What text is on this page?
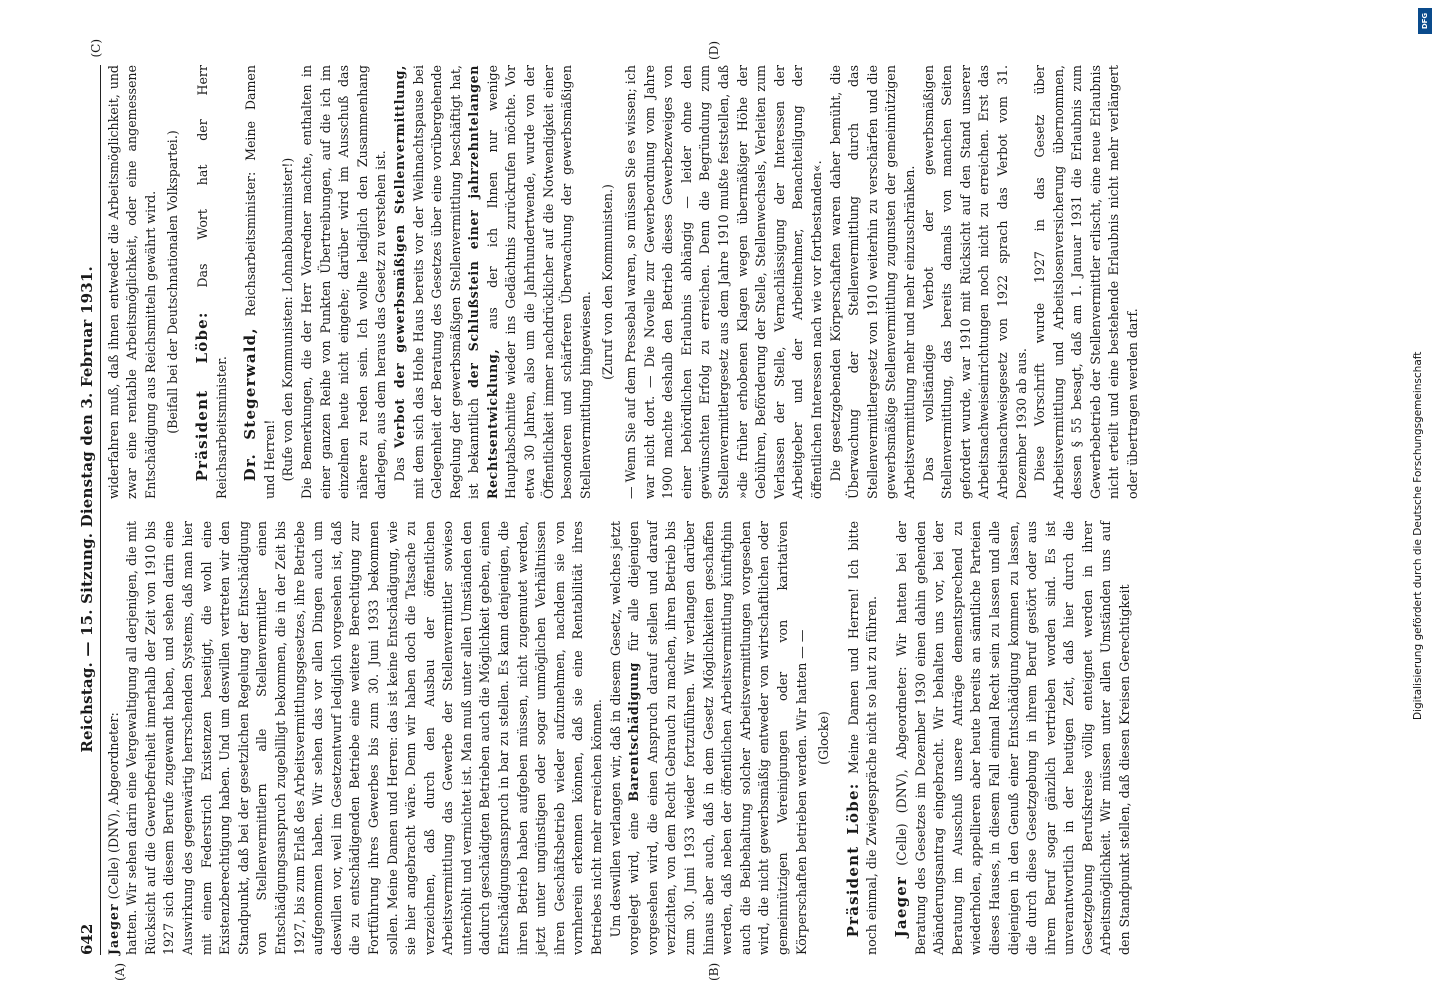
DFG
Digitalisierung gefördert durch die Deutsche Forschungsgemeinschaft
642
Reichstag. — 15. Sitzung. Dienstag den 3. Februar 1931.
(A)	(B)
(C)	(D)

Jaeger (Celle) (DNV), Abgeordneter: hatten. Wir sehen darin eine Vergewaltigung all derjenigen, die mit Rücksicht auf die Gewerbefreiheit innerhalb der Zeit von 1910 bis 1927 sich diesem Berufe zugewandt haben, und sehen darin eine Auswirkung des gegenwärtig herrschenden Systems, daß man hier mit einem Federstrich Existenzen beseitigt, die wohl eine Existenzberechtigung haben. Und um deswillen vertreten wir den Standpunkt, daß bei der gesetzlichen Regelung der Entschädigung von Stellenvermittlern alle Stellenvermittler einen Entschädigungsanspruch zugebilligt bekommen, die in der Zeit bis 1927, bis zum Erlaß des Arbeitsvermittlungsgesetzes, ihre Betriebe aufgenommen haben. Wir sehen das vor allen Dingen auch um deswillen vor, weil im Gesetzentwurf lediglich vorgesehen ist, daß die zu entschädigenden Betriebe eine weitere Berechtigung zur Fortführung ihres Gewerbes bis zum 30. Juni 1933 bekommen sollen. Meine Damen und Herren: das ist keine Entschädigung, wie sie hier angebracht wäre. Denn wir haben doch die Tatsache zu verzeichnen, daß durch den Ausbau der öffentlichen Arbeitsvermittlung das Gewerbe der Stellenvermittler sowieso unterhöhlt und vernichtet ist. Man muß unter allen Umständen den dadurch geschädigten Betrieben auch die Möglichkeit geben, einen Entschädigungsanspruch in bar zu stellen. Es kann denjenigen, die ihren Betrieb haben aufgeben müssen, nicht zugemutet werden, jetzt unter ungünstigen oder sogar unmöglichen Verhältnissen ihren Geschäftsbetrieb wieder aufzunehmen, nachdem sie von vornherein erkennen können, daß sie eine Rentabilität ihres Betriebes nicht mehr erreichen können. Um deswillen verlangen wir, daß in diesem Gesetz, welches jetzt vorgelegt wird, eine Barentschädigung für alle diejenigen vorgesehen wird, die einen Anspruch darauf stellen und darauf verzichten, von dem Recht Gebrauch zu machen, ihren Betrieb bis zum 30. Juni 1933 wieder fortzuführen. Wir verlangen darüber hinaus aber auch, daß in dem Gesetz Möglichkeiten geschaffen werden, daß neben der öffentlichen Arbeitsvermittlung künftighin auch die Beibehaltung solcher Arbeitsvermittlungen vorgesehen wird, die nicht gewerbsmäßig entweder von wirtschaftlichen oder gemeinnützigen Vereinigungen oder von karitativen Körperschaften betrieben werden. Wir hatten — — (Glocke)

Präsident Löbe: Meine Damen und Herren! Ich bitte noch einmal, die Zwiegespräche nicht so laut zu führen. Jaeger (Celle) (DNV), Abgeordneter: Wir hatten bei der Beratung des Gesetzes im Dezember 1930 einen dahin gehenden Abänderungsantrag eingebracht. Wir behalten uns vor, bei der Beratung im Ausschuß unsere Anträge dementsprechend zu wiederholen, appellieren aber heute bereits an sämtliche Parteien dieses Hauses, in diesem Fall einmal Recht sein zu lassen und alle diejenigen in den Genuß einer Entschädigung kommen zu lassen, die durch diese Gesetzgebung in ihrem Beruf gestört oder aus ihrem Beruf sogar gänzlich vertrieben worden sind. Es ist unverantwortlich in der heutigen Zeit, daß hier durch die Gesetzgebung Berufskreise völlig enteignet werden in ihrer Arbeitsmöglichkeit. Wir müssen unter allen Umständen uns auf den Standpunkt stellen, daß diesen Kreisen Gerechtigkeit

widerfahren muß, daß ihnen entweder die Arbeitsmöglichkeit, und zwar eine rentable Arbeitsmöglichkeit, oder eine angemessene Entschädigung aus Reichsmitteln gewährt wird. (Beifall bei der Deutschnationalen Volkspartei.) Präsident Löbe: Das Wort hat der Herr Reichsarbeitsminister. Dr. Stegerwald, Reichsarbeitsminister: Meine Damen und Herren! (Rufe von den Kommunisten: Lohnabbauminister!) Die Bemerkungen, die der Herr Vorredner machte, enthalten in einer ganzen Reihe von Punkten Übertreibungen, auf die ich im einzelnen heute nicht eingehe; darüber wird im Ausschuß das nähere zu reden sein. Ich wollte lediglich den Zusammenhang darlegen, aus dem heraus das Gesetz zu verstehen ist. Das Verbot der gewerbsmäßigen Stellenvermittlung, mit dem sich das Hohe Haus bereits vor der Weihnachtspause bei Gelegenheit der Beratung des Gesetzes über eine vorübergehende Regelung der gewerbsmäßigen Stellenvermittlung beschäftigt hat, ist bekanntlich der Schlußstein einer jahrzehntelangen Rechtsentwicklung, aus der ich Ihnen nur wenige Hauptabschnitte wieder ins Gedächtnis zurückrufen möchte. Vor etwa 30 Jahren, also um die Jahrhundertwende, wurde von der Öffentlichkeit immer nachdrücklicher auf die Notwendigkeit einer besonderen und schärferen Überwachung der gewerbsmäßigen Stellenvermittlung hingewiesen.

(Zuruf von den Kommunisten.) — Wenn Sie auf dem Pressebal waren, so müssen Sie es wissen; ich war nicht dort. — Die Novelle zur Gewerbeordnung vom Jahre 1900 machte deshalb den Betrieb dieses Gewerbezweiges von einer behördlichen Erlaubnis abhängig — leider ohne den gewünschten Erfolg zu erreichen. Denn die Begründung zum Stellenvermittlergesetz aus dem Jahre 1910 mußte feststellen, daß »die früher erhobenen Klagen wegen übermäßiger Höhe der Gebühren, Beförderung der Stelle, Stellenwechsels, Verleiten zum Verlassen der Stelle, Vernachlässigung der Interessen der Arbeitgeber und der Arbeitnehmer, Benachteiligung der öffentlichen Interessen nach wie vor fortbestanden«. Die gesetzgebenden Körperschaften waren daher bemüht, die Überwachung der Stellenvermittlung durch das Stellenvermittlergesetz von 1910 weiterhin zu verschärfen und die gewerbsmäßige Stellenvermittlung zugunsten der gemeinnützigen Arbeitsvermittlung mehr und mehr einzuschränken. Das vollständige Verbot der gewerbsmäßigen Stellenvermittlung, das bereits damals von manchen Seiten gefordert wurde, war 1910 mit Rücksicht auf den Stand unserer Arbeitsnachweiseinrichtungen noch nicht zu erreichen. Erst das Arbeitsnachweisgesetz von 1922 sprach das Verbot vom 31. Dezember 1930 ab aus. Diese Vorschrift wurde 1927 in das Gesetz über Arbeitsvermittlung und Arbeitslosenversicherung übernommen, dessen § 55 besagt, daß am 1. Januar 1931 die Erlaubnis zum Gewerbebetrieb der Stellenvermittler erlischt, eine neue Erlaubnis nicht erteilt und eine bestehende Erlaubnis nicht mehr verlängert oder übertragen werden darf.
